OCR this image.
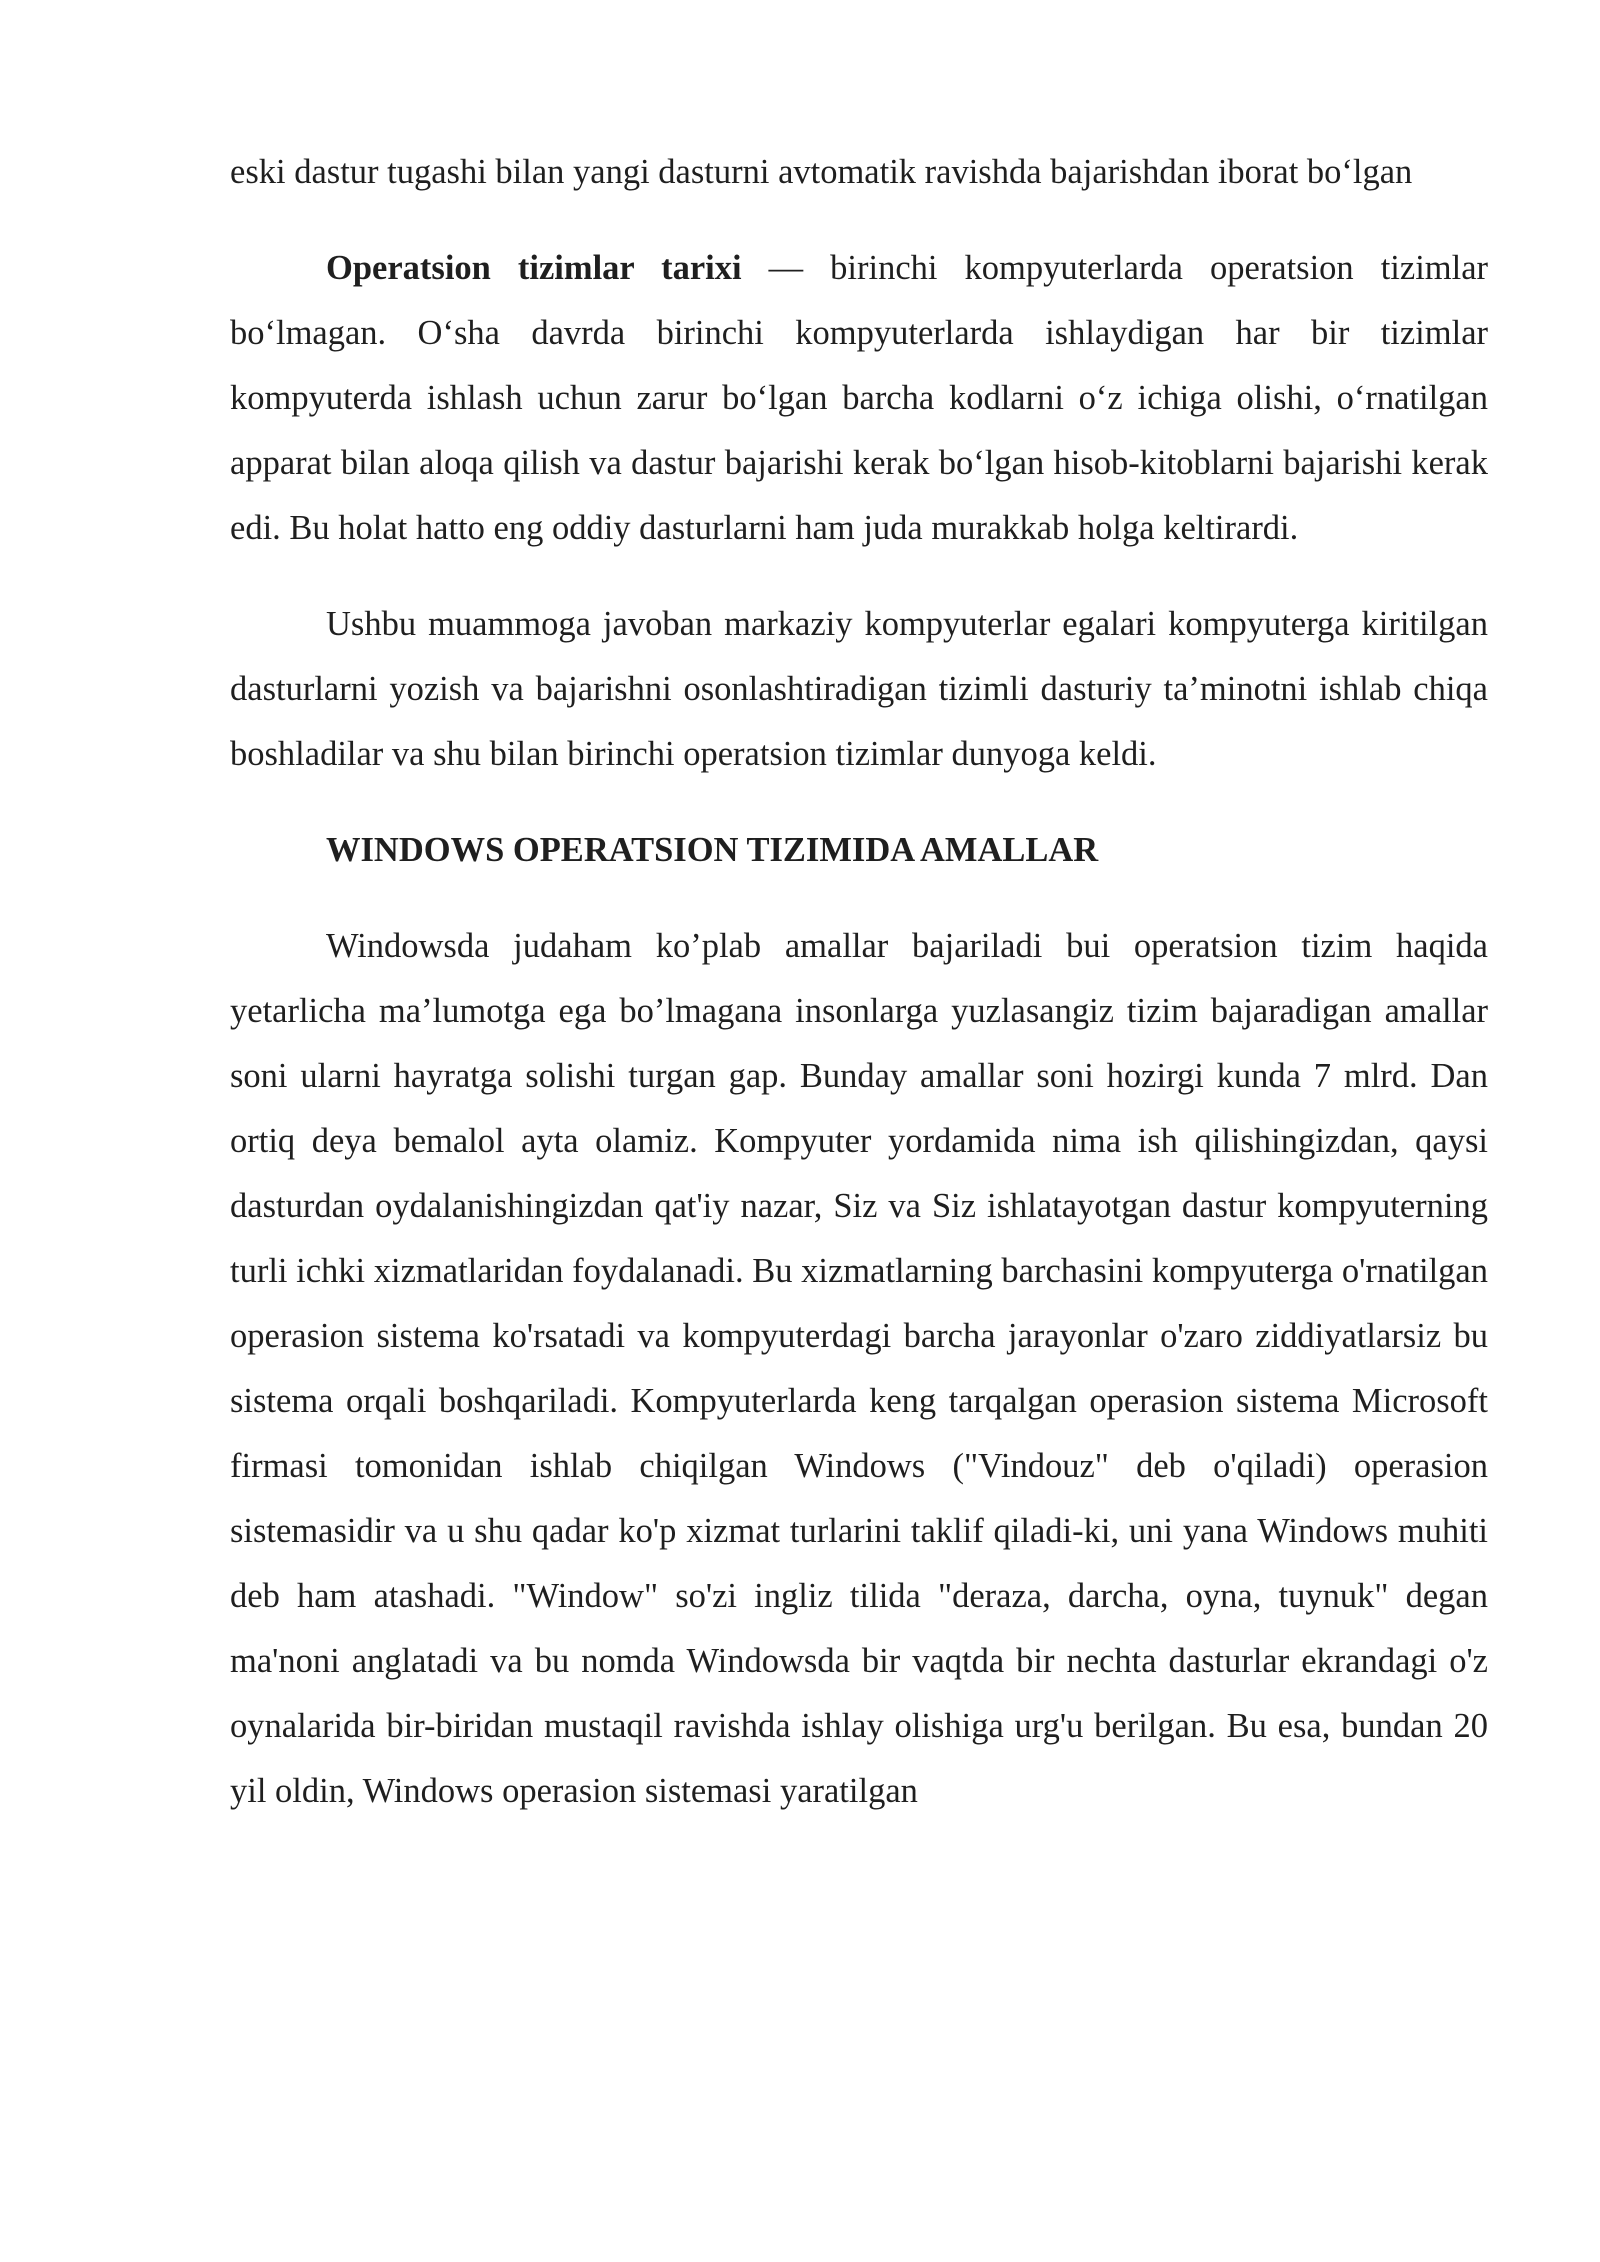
eski dastur tugashi bilan yangi dasturni avtomatik ravishda bajarishdan iborat bo‘lgan

Operatsion tizimlar tarixi — birinchi kompyuterlarda operatsion tizimlar bo‘lmagan. O‘sha davrda birinchi kompyuterlarda ishlaydigan har bir tizimlar kompyuterda ishlash uchun zarur bo‘lgan barcha kodlarni o‘z ichiga olishi, o‘rnatilgan apparat bilan aloqa qilish va dastur bajarishi kerak bo‘lgan hisob-kitoblarni bajarishi kerak edi. Bu holat hatto eng oddiy dasturlarni ham juda murakkab holga keltirardi.

Ushbu muammoga javoban markaziy kompyuterlar egalari kompyuterga kiritilgan dasturlarni yozish va bajarishni osonlashtiradigan tizimli dasturiy ta’minotni ishlab chiqa boshladilar va shu bilan birinchi operatsion tizimlar dunyoga keldi.

WINDOWS OPERATSION TIZIMIDA AMALLAR

Windowsda judaham ko’plab amallar bajariladi bui operatsion tizim haqida yetarlicha ma’lumotga ega bo’lmagana insonlarga yuzlasangiz tizim bajaradigan amallar soni ularni hayratga solishi turgan gap. Bunday amallar soni hozirgi kunda 7 mlrd. Dan ortiq deya bemalol ayta olamiz. Kompyuter yordamida nima ish qilishingizdan, qaysi dasturdan oydalanishingizdan qat'iy nazar, Siz va Siz ishlatayotgan dastur kompyuterning turli ichki xizmatlaridan foydalanadi. Bu xizmatlarning barchasini kompyuterga o'rnatilgan operasion sistema ko'rsatadi va kompyuterdagi barcha jarayonlar o'zaro ziddiyatlarsiz bu sistema orqali boshqariladi. Kompyuterlarda keng tarqalgan operasion sistema Microsoft firmasi tomonidan ishlab chiqilgan Windows ("Vindouz" deb o'qiladi) operasion sistemasidir va u shu qadar ko'p xizmat turlarini taklif qiladi-ki, uni yana Windows muhiti deb ham atashadi. "Window" so'zi ingliz tilida "deraza, darcha, oyna, tuynuk" degan ma'noni anglatadi va bu nomda Windowsda bir vaqtda bir nechta dasturlar ekrandagi o'z oynalarida bir-biridan mustaqil ravishda ishlay olishiga urg'u berilgan. Bu esa, bundan 20 yil oldin, Windows operasion sistemasi yaratilgan
